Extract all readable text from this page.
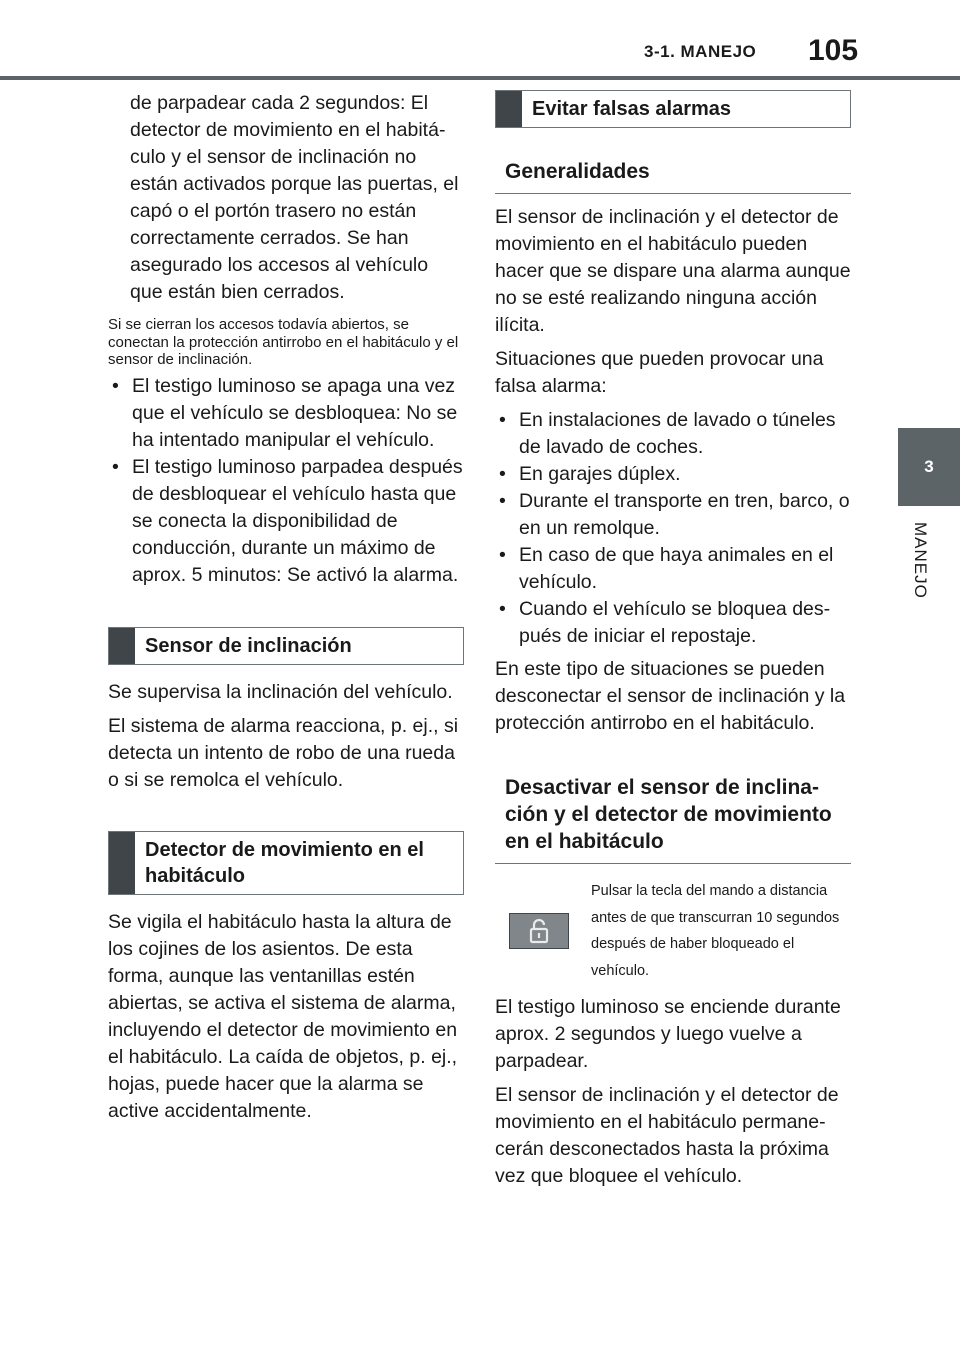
3-1. MANEJO 105
3
MANEJO

de parpadear cada 2 segundos: El detector de movimiento en el habitáculo y el sensor de inclinación no están activados porque las puertas, el capó o el portón trasero no están correctamente cerrados. Se han asegurado los accesos al vehículo que están bien cerrados.

Si se cierran los accesos todavía abiertos, se conectan la protección antirrobo en el habitáculo y el sensor de inclinación.

• El testigo luminoso se apaga una vez que el vehículo se desbloquea: No se ha intentado manipular el vehículo.
• El testigo luminoso parpadea después de desbloquear el vehículo hasta que se conecta la disponibilidad de conducción, durante un máximo de aprox. 5 minutos: Se activó la alarma.
Sensor de inclinación

Se supervisa la inclinación del vehículo.

El sistema de alarma reacciona, p. ej., si detecta un intento de robo de una rueda o si se remolca el vehículo.

Detector de movimiento en el habitáculo

Se vigila el habitáculo hasta la altura de los cojines de los asientos. De esta forma, aunque las ventanillas estén abiertas, se activa el sistema de alarma, incluyendo el detector de movimiento en el habitáculo. La caída de objetos, p. ej., hojas, puede hacer que la alarma se active accidentalmente.

Evitar falsas alarmas
Generalidades

El sensor de inclinación y el detector de movimiento en el habitáculo pueden hacer que se dispare una alarma aunque no se esté realizando ninguna acción ilícita.

Situaciones que pueden provocar una falsa alarma:

• En instalaciones de lavado o túneles de lavado de coches.
• En garajes dúplex.
• Durante el transporte en tren, barco, o en un remolque.
• En caso de que haya animales en el vehículo.
• Cuando el vehículo se bloquea después de iniciar el repostaje.

En este tipo de situaciones se pueden desconectar el sensor de inclinación y la protección antirrobo en el habitáculo.

Desactivar el sensor de inclinación y el detector de movimiento en el habitáculo
Pulsar la tecla del mando a distancia antes de que transcurran 10 segundos después de haber bloqueado el vehículo.

El testigo luminoso se enciende durante aprox. 2 segundos y luego vuelve a parpadear.

El sensor de inclinación y el detector de movimiento en el habitáculo permanecerán desconectados hasta la próxima vez que bloquee el vehículo.
